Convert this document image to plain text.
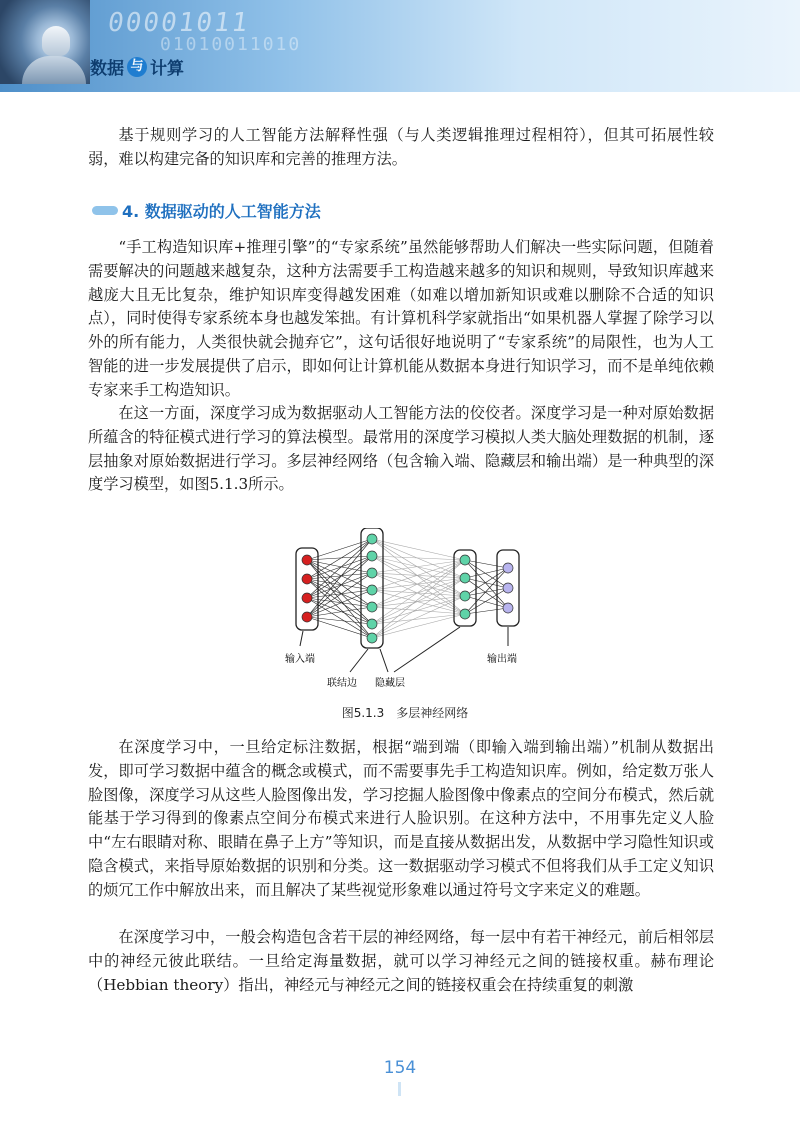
00001011
01010011010
数据 与 计算

基于规则学习的人工智能方法解释性强（与人类逻辑推理过程相符），但其可拓展性较弱，难以构建完备的知识库和完善的推理方法。

4. 数据驱动的人工智能方法

“手工构造知识库+推理引擎”的“专家系统”虽然能够帮助人们解决一些实际问题，但随着需要解决的问题越来越复杂，这种方法需要手工构造越来越多的知识和规则，导致知识库越来越庞大且无比复杂，维护知识库变得越发困难（如难以增加新知识或难以删除不合适的知识点），同时使得专家系统本身也越发笨拙。有计算机科学家就指出“如果机器人掌握了除学习以外的所有能力，人类很快就会抛弃它”，这句话很好地说明了“专家系统”的局限性，也为人工智能的进一步发展提供了启示，即如何让计算机能从数据本身进行知识学习，而不是单纯依赖专家来手工构造知识。

在这一方面，深度学习成为数据驱动人工智能方法的佼佼者。深度学习是一种对原始数据所蕴含的特征模式进行学习的算法模型。最常用的深度学习模拟人类大脑处理数据的机制，逐层抽象对原始数据进行学习。多层神经网络（包含输入端、隐藏层和输出端）是一种典型的深度学习模型，如图5.1.3所示。

输入端
联结边 隐藏层
输出端
图5.1.3 多层神经网络

在深度学习中，一旦给定标注数据，根据“端到端（即输入端到输出端）”机制从数据出发，即可学习数据中蕴含的概念或模式，而不需要事先手工构造知识库。例如，给定数万张人脸图像，深度学习从这些人脸图像出发，学习挖掘人脸图像中像素点的空间分布模式，然后就能基于学习得到的像素点空间分布模式来进行人脸识别。在这种方法中，不用事先定义人脸中“左右眼睛对称、眼睛在鼻子上方”等知识，而是直接从数据出发，从数据中学习隐性知识或隐含模式，来指导原始数据的识别和分类。这一数据驱动学习模式不但将我们从手工定义知识的烦冗工作中解放出来，而且解决了某些视觉形象难以通过符号文字来定义的难题。

在深度学习中，一般会构造包含若干层的神经网络，每一层中有若干神经元，前后相邻层中的神经元彼此联结。一旦给定海量数据，就可以学习神经元之间的链接权重。赫布理论（Hebbian theory）指出，神经元与神经元之间的链接权重会在持续重复的刺激

154
